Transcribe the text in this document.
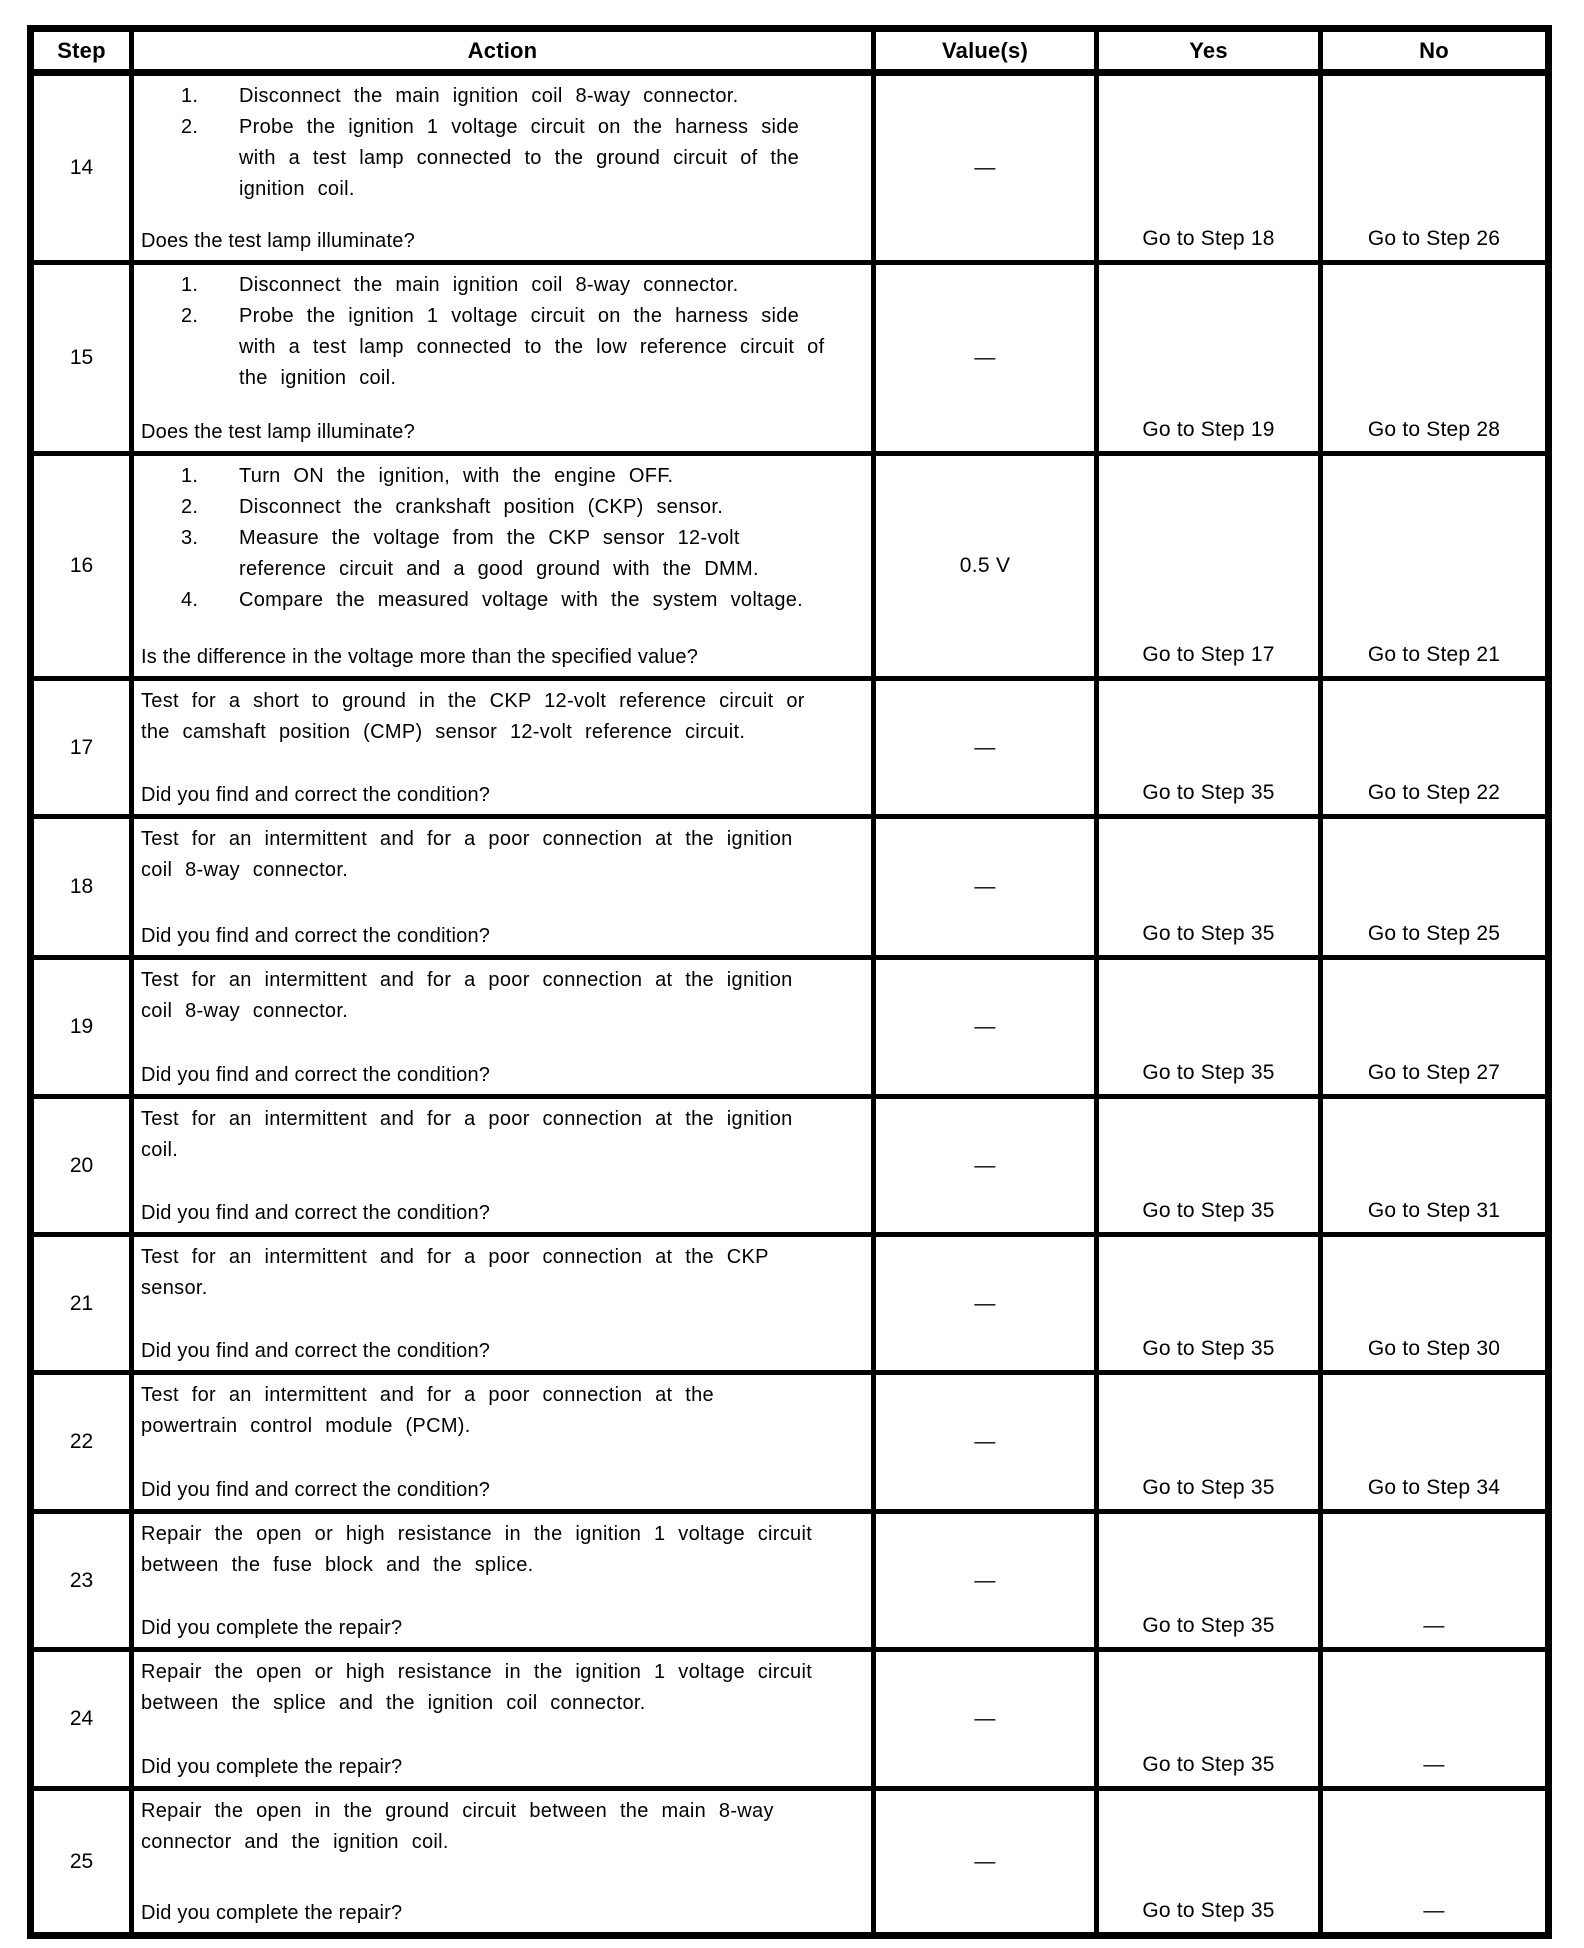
Step	Action	Value(s)	Yes	No
14	
1.	Disconnect the main ignition coil 8-way connector.
2.	Probe the ignition 1 voltage circuit on the harness side
with a test lamp connected to the ground circuit of the
ignition coil.
Does the test lamp illuminate?
	—	Go to Step 18	Go to Step 26
15	
1.	Disconnect the main ignition coil 8-way connector.
2.	Probe the ignition 1 voltage circuit on the harness side
with a test lamp connected to the low reference circuit of
the ignition coil.
Does the test lamp illuminate?
	—	Go to Step 19	Go to Step 28
16	
1.	Turn ON the ignition, with the engine OFF.
2.	Disconnect the crankshaft position (CKP) sensor.
3.	Measure the voltage from the CKP sensor 12-volt
reference circuit and a good ground with the DMM.
4.	Compare the measured voltage with the system voltage.
Is the difference in the voltage more than the specified value?
	0.5 V	Go to Step 17	Go to Step 21
17	Test for a short to ground in the CKP 12-volt reference circuit or
the camshaft position (CMP) sensor 12-volt reference circuit.
Did you find and correct the condition?	—	Go to Step 35	Go to Step 22
18	Test for an intermittent and for a poor connection at the ignition
coil 8-way connector.
Did you find and correct the condition?	—	Go to Step 35	Go to Step 25
19	Test for an intermittent and for a poor connection at the ignition
coil 8-way connector.
Did you find and correct the condition?	—	Go to Step 35	Go to Step 27
20	Test for an intermittent and for a poor connection at the ignition
coil.
Did you find and correct the condition?	—	Go to Step 35	Go to Step 31
21	Test for an intermittent and for a poor connection at the CKP
sensor.
Did you find and correct the condition?	—	Go to Step 35	Go to Step 30
22	Test for an intermittent and for a poor connection at the
powertrain control module (PCM).
Did you find and correct the condition?	—	Go to Step 35	Go to Step 34
23	Repair the open or high resistance in the ignition 1 voltage circuit
between the fuse block and the splice.
Did you complete the repair?	—	Go to Step 35	—
24	Repair the open or high resistance in the ignition 1 voltage circuit
between the splice and the ignition coil connector.
Did you complete the repair?	—	Go to Step 35	—
25	Repair the open in the ground circuit between the main 8-way
connector and the ignition coil.
Did you complete the repair?	—	Go to Step 35	—
